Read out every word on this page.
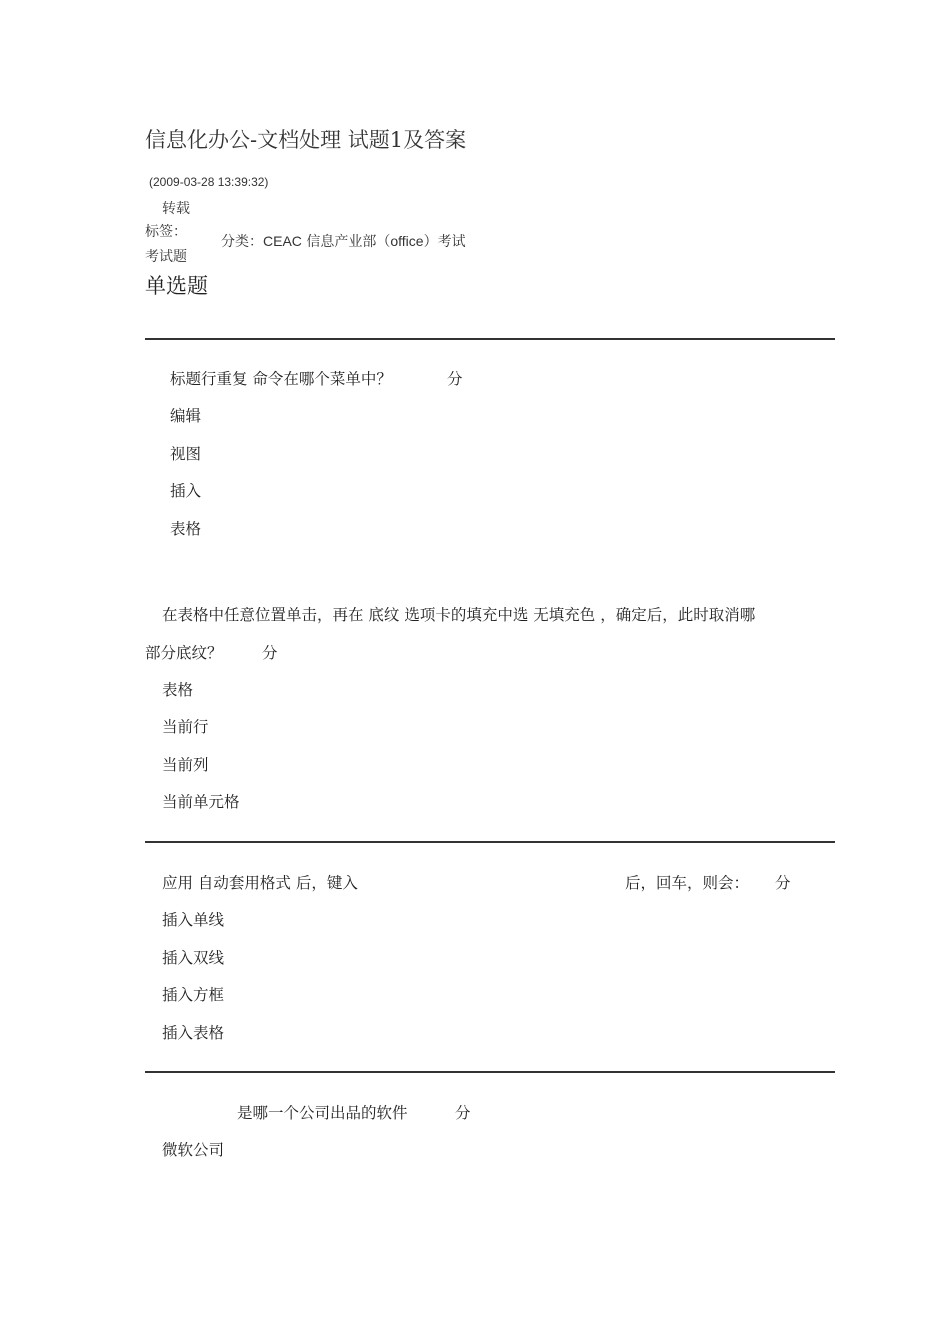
信息化办公-文档处理 试题1及答案
(2009-03-28 13:39:32)
转载
标签：
考试题
分类：CEAC 信息产业部（office）考试
单选题
标题行重复 命令在哪个菜单中？	分
编辑
视图
插入
表格
在表格中任意位置单击，再在 底纹 选项卡的填充中选 无填充色 ，确定后，此时取消哪
部分底纹？	分
表格
当前行
当前列
当前单元格
应用 自动套用格式 后，键入	后，回车，则会： 分
插入单线
插入双线
插入方框
插入表格
是哪一个公司出品的软件	分
微软公司
